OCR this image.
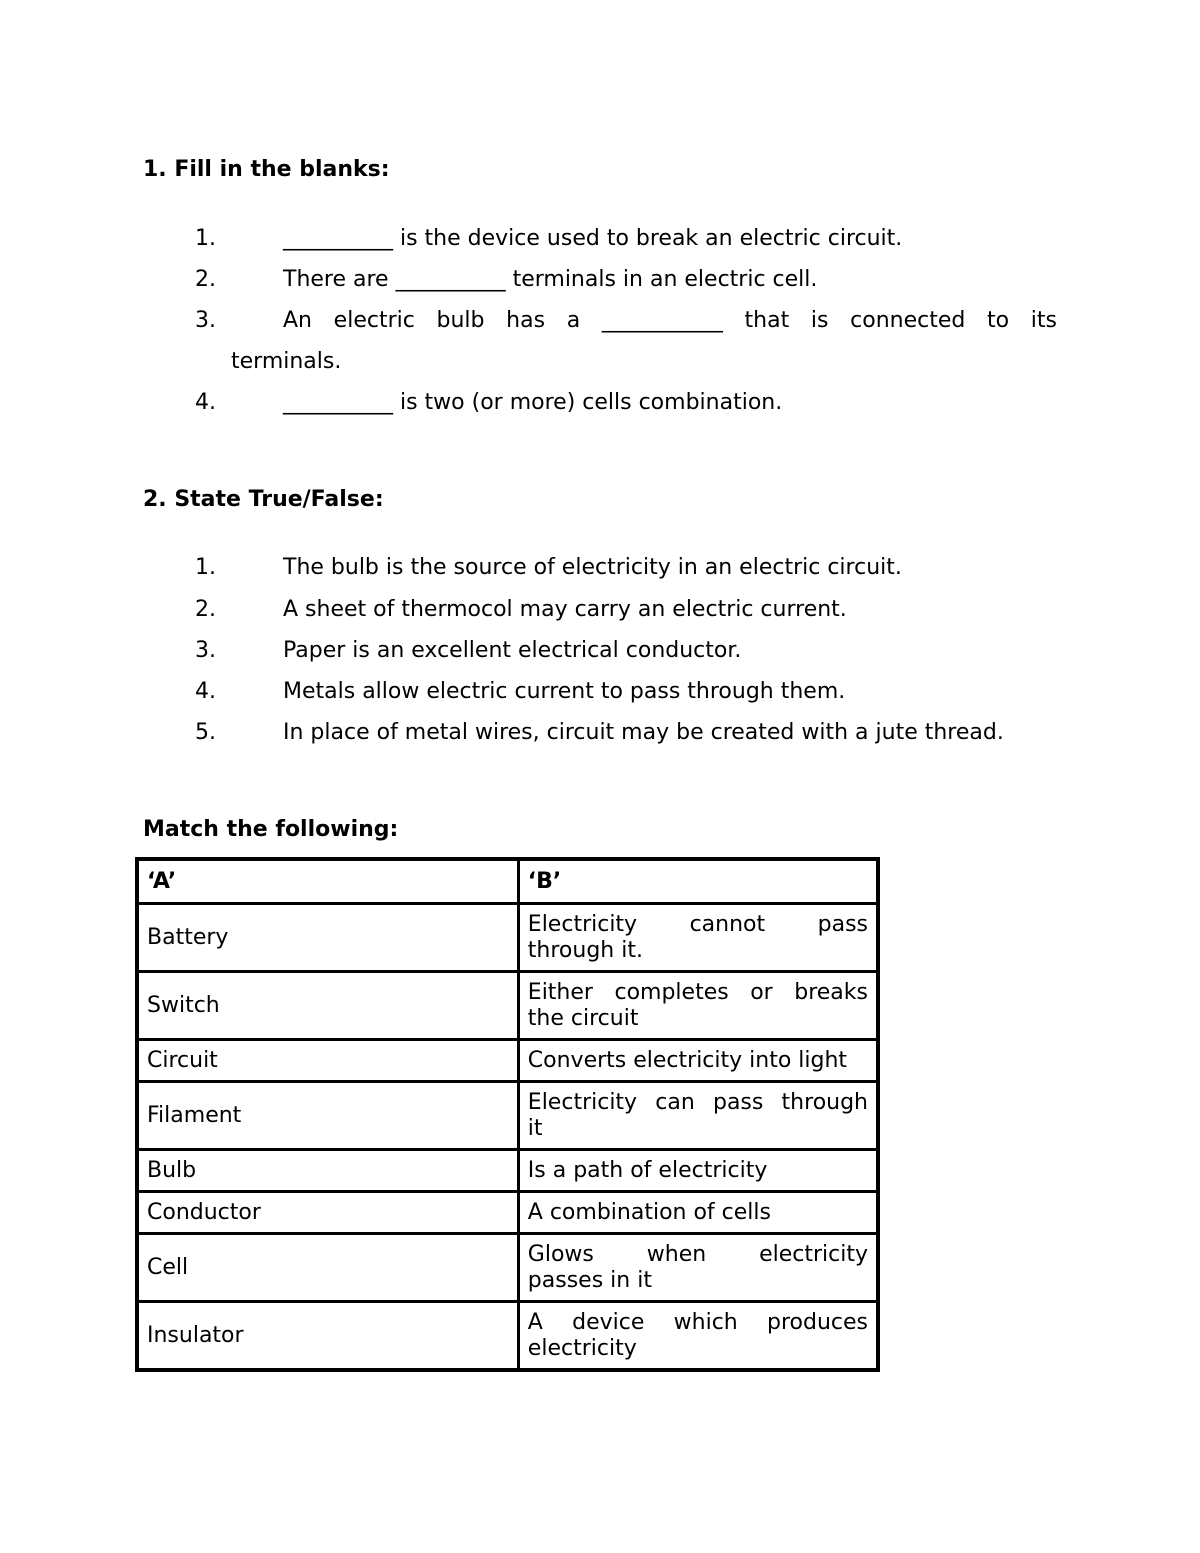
1. Fill in the blanks:
1.	__________ is the device used to break an electric circuit.
2.	There are __________ terminals in an electric cell.
3.	An electric bulb has a ___________ that is connected to its
terminals.
4.	__________ is two (or more) cells combination.
2. State True/False:
1.	The bulb is the source of electricity in an electric circuit.
2.	A sheet of thermocol may carry an electric current.
3.	Paper is an excellent electrical conductor.
4.	Metals allow electric current to pass through them.
5.	In place of metal wires, circuit may be created with a jute thread.
Match the following:
‘A’	‘B’
Battery	Electricity cannot pass
through it.

Switch	Either completes or breaks
the circuit

Circuit	Converts electricity into light

Filament	Electricity can pass through
it

Bulb	Is a path of electricity

Conductor	A combination of cells

Cell	Glows when electricity
passes in it

Insulator	A device which produces
electricity
